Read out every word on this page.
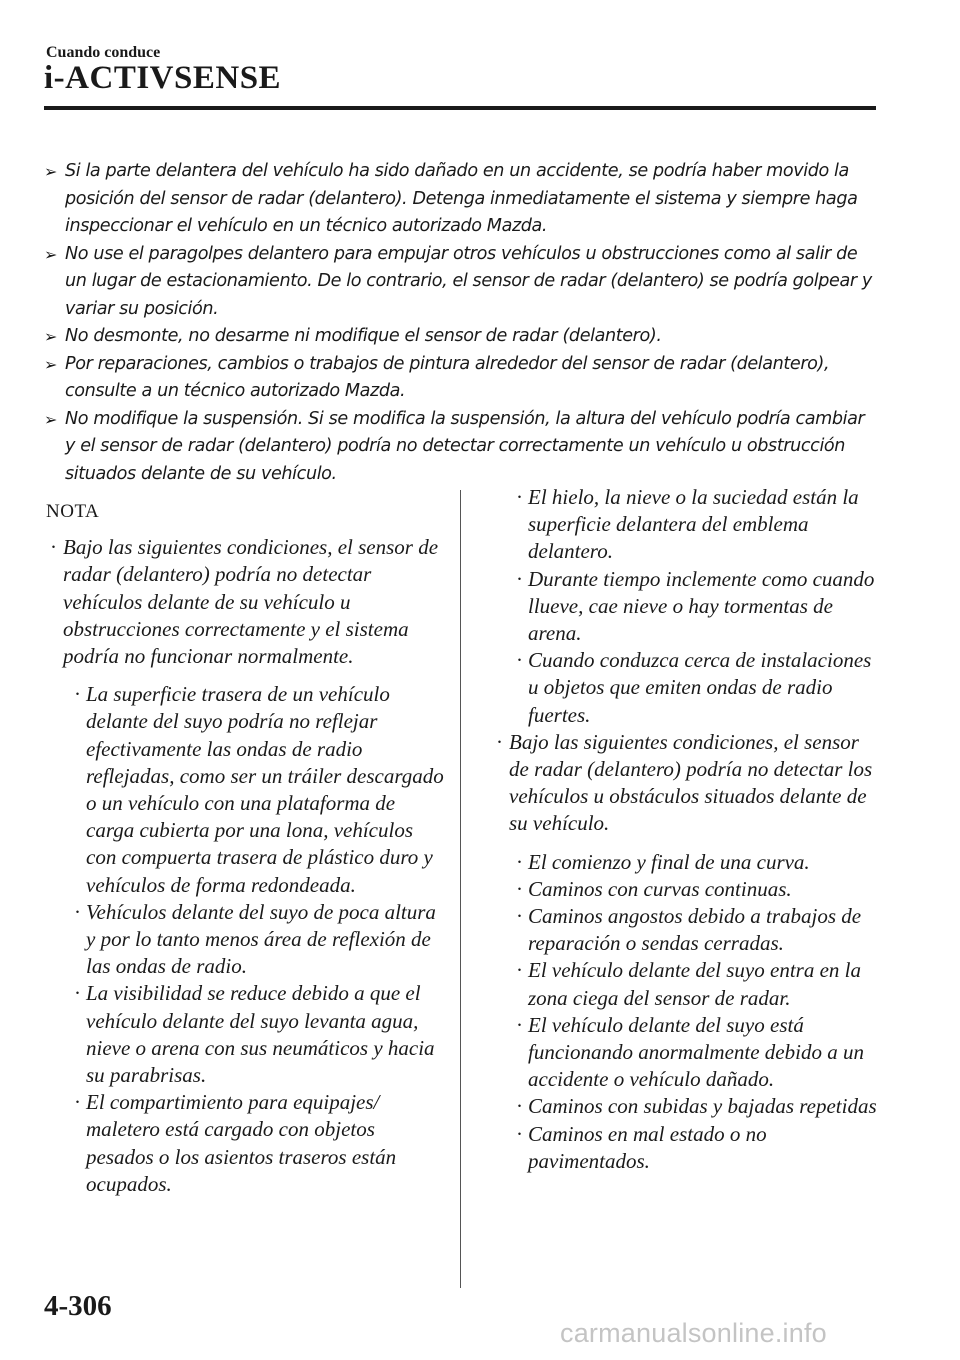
Cuando conduce
i-ACTIVSENSE

➢ Si la parte delantera del vehículo ha sido dañado en un accidente, se podría haber movido la posición del sensor de radar (delantero). Detenga inmediatamente el sistema y siempre haga inspeccionar el vehículo en un técnico autorizado Mazda.

➢ No use el paragolpes delantero para empujar otros vehículos u obstrucciones como al salir de un lugar de estacionamiento. De lo contrario, el sensor de radar (delantero) se podría golpear y variar su posición.

➢ No desmonte, no desarme ni modifique el sensor de radar (delantero).

➢ Por reparaciones, cambios o trabajos de pintura alrededor del sensor de radar (delantero), consulte a un técnico autorizado Mazda.

➢ No modifique la suspensión. Si se modifica la suspensión, la altura del vehículo podría cambiar y el sensor de radar (delantero) podría no detectar correctamente un vehículo u obstrucción situados delante de su vehículo.

NOTA

· Bajo las siguientes condiciones, el sensor de radar (delantero) podría no detectar vehículos delante de su vehículo u obstrucciones correctamente y el sistema podría no funcionar normalmente.

· La superficie trasera de un vehículo delante del suyo podría no reflejar efectivamente las ondas de radio reflejadas, como ser un tráiler descargado o un vehículo con una plataforma de carga cubierta por una lona, vehículos con compuerta trasera de plástico duro y vehículos de forma redondeada.

· Vehículos delante del suyo de poca altura y por lo tanto menos área de reflexión de las ondas de radio.

· La visibilidad se reduce debido a que el vehículo delante del suyo levanta agua, nieve o arena con sus neumáticos y hacia su parabrisas.

· El compartimiento para equipajes/ maletero está cargado con objetos pesados o los asientos traseros están ocupados.

· El hielo, la nieve o la suciedad están la superficie delantera del emblema delantero.

· Durante tiempo inclemente como cuando llueve, cae nieve o hay tormentas de arena.

· Cuando conduzca cerca de instalaciones u objetos que emiten ondas de radio fuertes.

· Bajo las siguientes condiciones, el sensor de radar (delantero) podría no detectar los vehículos u obstáculos situados delante de su vehículo.

· El comienzo y final de una curva.

· Caminos con curvas continuas.

· Caminos angostos debido a trabajos de reparación o sendas cerradas.

· El vehículo delante del suyo entra en la zona ciega del sensor de radar.

· El vehículo delante del suyo está funcionando anormalmente debido a un accidente o vehículo dañado.

· Caminos con subidas y bajadas repetidas

· Caminos en mal estado o no pavimentados.

4-306
carmanualsonline.info
